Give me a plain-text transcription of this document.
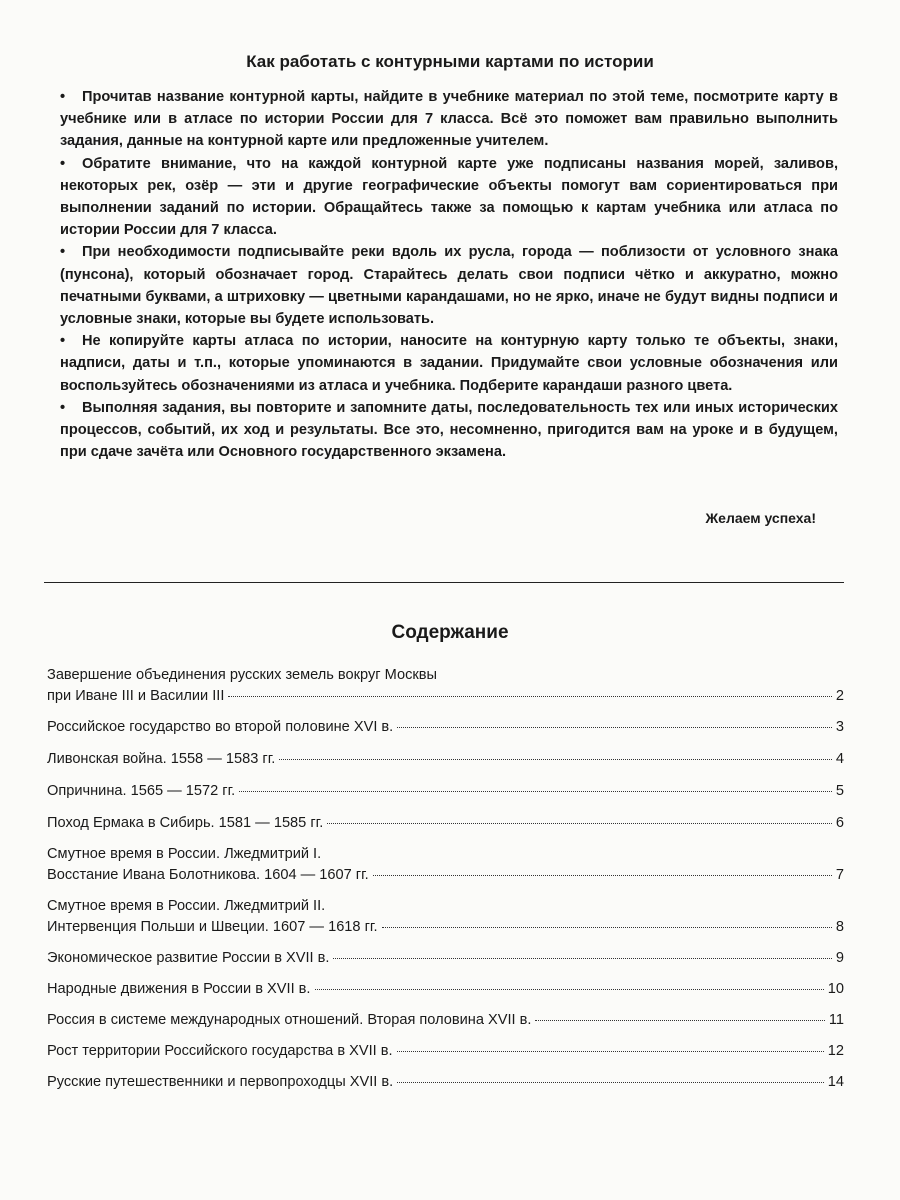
Как работать с контурными картами по истории

• Прочитав название контурной карты, найдите в учебнике материал по этой теме, посмотрите карту в учебнике или в атласе по истории России для 7 класса. Всё это поможет вам правильно выполнить задания, данные на контурной карте или предложенные учителем.

• Обратите внимание, что на каждой контурной карте уже подписаны названия морей, заливов, некоторых рек, озёр — эти и другие географические объекты помогут вам сориентироваться при выполнении заданий по истории. Обращайтесь также за помощью к картам учебника или атласа по истории России для 7 класса.

• При необходимости подписывайте реки вдоль их русла, города — поблизости от условного знака (пунсона), который обозначает город. Старайтесь делать свои подписи чётко и аккуратно, можно печатными буквами, а штриховку — цветными карандашами, но не ярко, иначе не будут видны подписи и условные знаки, которые вы будете использовать.

• Не копируйте карты атласа по истории, наносите на контурную карту только те объекты, знаки, надписи, даты и т.п., которые упоминаются в задании. Придумайте свои условные обозначения или воспользуйтесь обозначениями из атласа и учебника. Подберите карандаши разного цвета.

• Выполняя задания, вы повторите и запомните даты, последовательность тех или иных исторических процессов, событий, их ход и результаты. Все это, несомненно, пригодится вам на уроке и в будущем, при сдаче зачёта или Основного государственного экзамена.

Желаем успеха!
Содержание
Завершение объединения русских земель вокруг Москвы
при Иване III и Василии III	2
Российское государство во второй половине XVI в.	3
Ливонская война. 1558 — 1583 гг.	4
Опричнина. 1565 — 1572 гг.	5
Поход Ермака в Сибирь. 1581 — 1585 гг.	6
Смутное время в России. Лжедмитрий I.
Восстание Ивана Болотникова. 1604 — 1607 гг.	7
Смутное время в России. Лжедмитрий II.
Интервенция Польши и Швеции. 1607 — 1618 гг.	8
Экономическое развитие России в XVII в.	9
Народные движения в России в XVII в.	10
Россия в системе международных отношений. Вторая половина XVII в.	11
Рост территории Российского государства в XVII в.	12
Русские путешественники и первопроходцы XVII в.	14
